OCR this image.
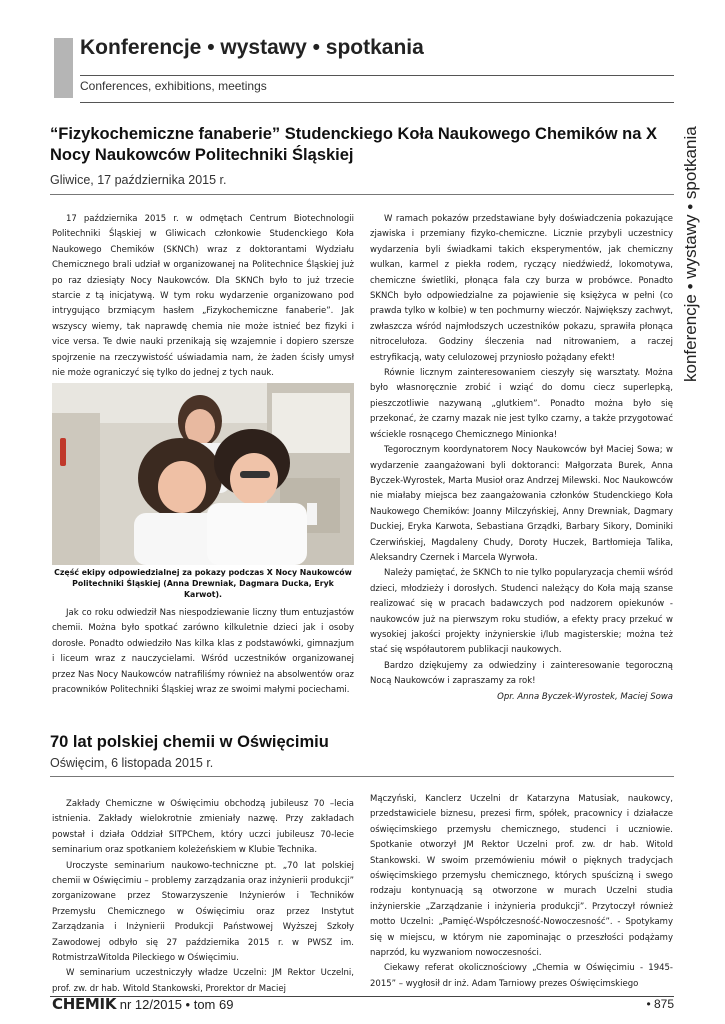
Konferencje • wystawy • spotkania
Conferences, exhibitions, meetings
konferencje • wystawy • spotkania
“Fizykochemiczne fanaberie” Studenckiego Koła Naukowego Chemików na X Nocy Naukowców Politechniki Śląskiej
Gliwice, 17 października 2015 r.

17 października 2015 r. w odmętach Centrum Biotechnologii Politechniki Śląskiej w Gliwicach członkowie Studenckiego Koła Naukowego Chemików (SKNCh) wraz z doktorantami Wydziału Chemicznego brali udział w organizowanej na Politechnice Śląskiej już po raz dziesiąty Nocy Naukowców. Dla SKNCh było to już trzecie starcie z tą inicjatywą. W tym roku wydarzenie organizowano pod intrygująco brzmiącym hasłem „Fizykochemiczne fanaberie”. Jak wszyscy wiemy, tak naprawdę chemia nie może istnieć bez fizyki i vice versa. Te dwie nauki przenikają się wzajemnie i dopiero szersze spojrzenie na rzeczywistość uświadamia nam, że żaden ścisły umysł nie może ograniczyć się tylko do jednej z tych nauk.

Część ekipy odpowiedzialnej za pokazy podczas X Nocy Naukowców Politechniki Śląskiej (Anna Drewniak, Dagmara Ducka, Eryk Karwot).

Jak co roku odwiedził Nas niespodziewanie liczny tłum entuzjastów chemii. Można było spotkać zarówno kilkuletnie dzieci jak i osoby dorosłe. Ponadto odwiedziło Nas kilka klas z podstawówki, gimnazjum i liceum wraz z nauczycielami. Wśród uczestników organizowanej przez Nas Nocy Naukowców natrafiliśmy również na absolwentów oraz pracowników Politechniki Śląskiej wraz ze swoimi małymi pociechami.

W ramach pokazów przedstawiane były doświadczenia pokazujące zjawiska i przemiany fizyko-chemiczne. Licznie przybyli uczestnicy wydarzenia byli świadkami takich eksperymentów, jak chemiczny wulkan, karmel z piekła rodem, ryczący niedźwiedź, lokomotywa, chemiczne świetliki, płonąca fala czy burza w probówce. Ponadto SKNCh było odpowiedzialne za pojawienie się księżyca w pełni (co prawda tylko w kolbie) w ten pochmurny wieczór. Największy zachwyt, zwłaszcza wśród najmłodszych uczestników pokazu, sprawiła płonąca nitrocelułoza. Godziny śleczenia nad nitrowaniem, a raczej estryfikacją, waty celulozowej przyniosło pożądany efekt!

Równie licznym zainteresowaniem cieszyły się warsztaty. Można było własnoręcznie zrobić i wziąć do domu ciecz superlepką, pieszczotliwie nazywaną „glutkiem”. Ponadto można było się przekonać, że czarny mazak nie jest tylko czarny, a także przygotować wściekle rosnącego Chemicznego Minionka!

Tegorocznym koordynatorem Nocy Naukowców był Maciej Sowa; w wydarzenie zaangażowani byli doktoranci: Małgorzata Burek, Anna Byczek-Wyrostek, Marta Musioł oraz Andrzej Milewski. Noc Naukowców nie miałaby miejsca bez zaangażowania członków Studenckiego Koła Naukowego Chemików: Joanny Milczyńskiej, Anny Drewniak, Dagmary Duckiej, Eryka Karwota, Sebastiana Grządki, Barbary Sikory, Dominiki Czerwińskiej, Magdaleny Chudy, Doroty Huczek, Bartłomieja Talika, Aleksandry Czernek i Marcela Wyrwoła.

Należy pamiętać, że SKNCh to nie tylko popularyzacja chemii wśród dzieci, młodzieży i dorosłych. Studenci należący do Koła mają szanse realizować się w pracach badawczych pod nadzorem opiekunów - naukowców już na pierwszym roku studiów, a efekty pracy przekuć w wysokiej jakości projekty inżynierskie i/lub magisterskie; można też stać się współautorem publikacji naukowych.

Bardzo dziękujemy za odwiedziny i zainteresowanie tegoroczną Nocą Naukowców i zapraszamy za rok!

Opr. Anna Byczek-Wyrostek, Maciej Sowa

70 lat polskiej chemii w Oświęcimiu
Oświęcim, 6 listopada 2015 r.

Zakłady Chemiczne w Oświęcimiu obchodzą jubileusz 70 –lecia istnienia. Zakłady wielokrotnie zmieniały nazwę. Przy zakładach powstał i działa Oddział SITPChem, który uczci jubileusz 70-lecie seminarium oraz spotkaniem koleżeńskiem w Klubie Technika.

Uroczyste seminarium naukowo-techniczne pt. „70 lat polskiej chemii w Oświęcimiu – problemy zarządzania oraz inżynierii produkcji” zorganizowane przez Stowarzyszenie Inżynierów i Techników Przemysłu Chemicznego w Oświęcimiu oraz przez Instytut Zarządzania i Inżynierii Produkcji Państwowej Wyższej Szkoły Zawodowej odbyło się 27 października 2015 r. w PWSZ im. RotmistrzaWitolda Pileckiego w Oświęcimiu.

W seminarium uczestniczyły władze Uczelni: JM Rektor Uczelni, prof. zw. dr hab. Witold Stankowski, Prorektor dr Maciej

Mączyński, Kanclerz Uczelni dr Katarzyna Matusiak, naukowcy, przedstawiciele biznesu, prezesi firm, spółek, pracownicy i działacze oświęcimskiego przemysłu chemicznego, studenci i uczniowie. Spotkanie otworzył JM Rektor Uczelni prof. zw. dr hab. Witold Stankowski. W swoim przemówieniu mówił o pięknych tradycjach oświęcimskiego przemysłu chemicznego, których spuścizną i swego rodzaju kontynuacją są otworzone w murach Uczelni studia inżynierskie „Zarządzanie i inżynieria produkcji”. Przytoczył również motto Uczelni: „Pamięć-Współczesność-Nowoczesność”. - Spotykamy się w miejscu, w którym nie zapominając o przeszłości podążamy naprzód, ku wyzwaniom nowoczesności.

Ciekawy referat okolicznościowy „Chemia w Oświęcimiu - 1945-2015” – wygłosił dr inż. Adam Tarniowy prezes Oświęcimskiego

CHEMIK nr 12/2015 • tom 69	• 875
